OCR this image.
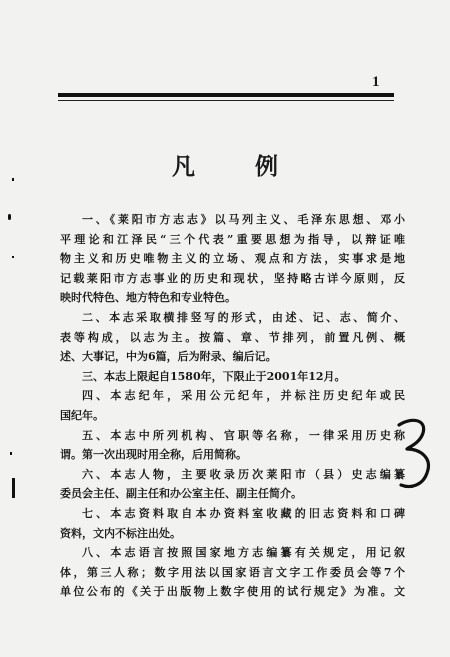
1
凡 例
一、《莱阳市方志志》以马列主义、毛泽东思想、邓小
平理论和江泽民“三个代表”重要思想为指导，以辩证唯
物主义和历史唯物主义的立场、观点和方法，实事求是地
记载莱阳市方志事业的历史和现状，坚持略古详今原则，反
映时代特色、地方特色和专业特色。
二、本志采取横排竖写的形式，由述、记、志、简介、
表等构成，以志为主。按篇、章、节排列，前置凡例、概
述、大事记，中为6篇，后为附录、编后记。
三、本志上限起自1580年，下限止于2001年12月。
四、本志纪年，采用公元纪年，并标注历史纪年或民
国纪年。
五、本志中所列机构、官职等名称，一律采用历史称
谓。第一次出现时用全称，后用简称。
六、本志人物，主要收录历次莱阳市（县）史志编纂
委员会主任、副主任和办公室主任、副主任简介。
七、本志资料取自本办资料室收藏的旧志资料和口碑
资料，文内不标注出处。
八、本志语言按照国家地方志编纂有关规定，用记叙
体，第三人称；数字用法以国家语言文字工作委员会等7个
单位公布的《关于出版物上数字使用的试行规定》为准。文
